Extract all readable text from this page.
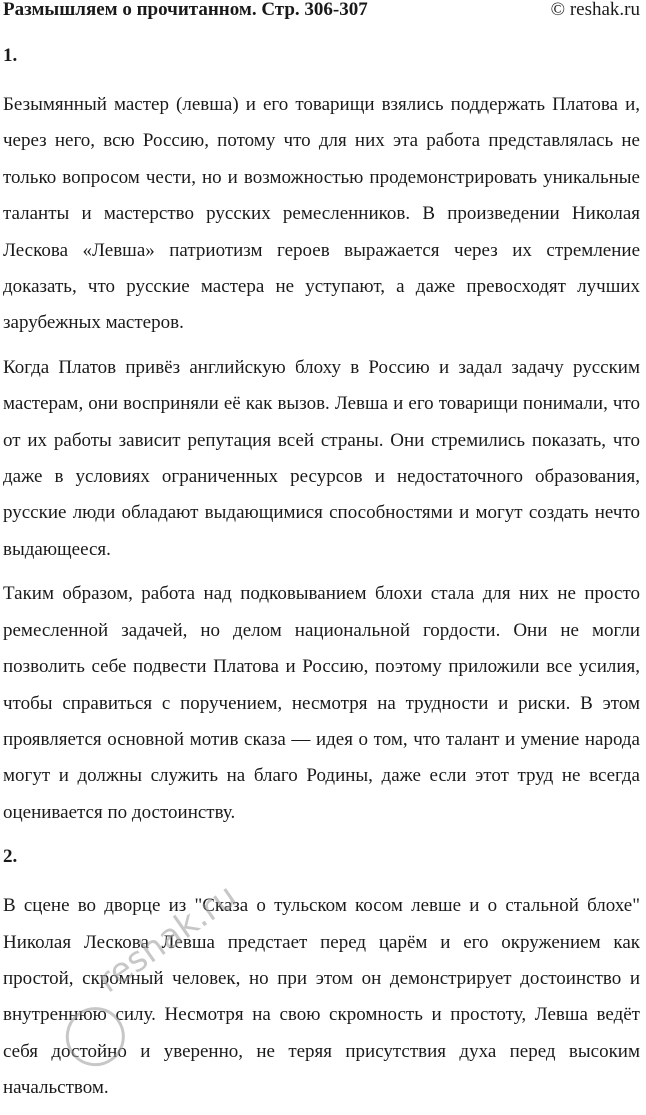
Размышляем о прочитанном. Стр. 306-307	© reshak.ru
1.

Безымянный мастер (левша) и его товарищи взялись поддержать Платова и, через него, всю Россию, потому что для них эта работа представлялась не только вопросом чести, но и возможностью продемонстрировать уникальные таланты и мастерство русских ремесленников. В произведении Николая Лескова «Левша» патриотизм героев выражается через их стремление доказать, что русские мастера не уступают, а даже превосходят лучших зарубежных мастеров.

Когда Платов привёз английскую блоху в Россию и задал задачу русским мастерам, они восприняли её как вызов. Левша и его товарищи понимали, что от их работы зависит репутация всей страны. Они стремились показать, что даже в условиях ограниченных ресурсов и недостаточного образования, русские люди обладают выдающимися способностями и могут создать нечто выдающееся.

Таким образом, работа над подковыванием блохи стала для них не просто ремесленной задачей, но делом национальной гордости. Они не могли позволить себе подвести Платова и Россию, поэтому приложили все усилия, чтобы справиться с поручением, несмотря на трудности и риски. В этом проявляется основной мотив сказа — идея о том, что талант и умение народа могут и должны служить на благо Родины, даже если этот труд не всегда оценивается по достоинству.

2.

В сцене во дворце из "Сказа о тульском косом левше и о стальной блохе" Николая Лескова Левша предстает перед царём и его окружением как простой, скромный человек, но при этом он демонстрирует достоинство и внутреннюю силу. Несмотря на свою скромность и простоту, Левша ведёт себя достойно и уверенно, не теряя присутствия духа перед высоким начальством.

reshak.ru
